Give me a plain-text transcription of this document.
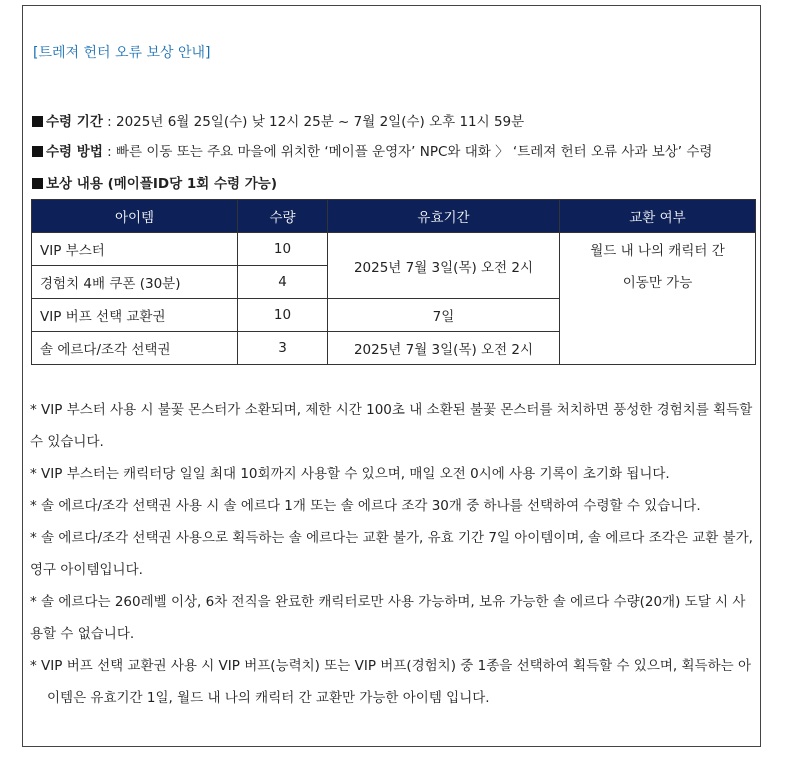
[트레져 헌터 오류 보상 안내]
수령 기간 : 2025년 6월 25일(수) 낮 12시 25분 ~ 7월 2일(수) 오후 11시 59분
수령 방법 : 빠른 이동 또는 주요 마을에 위치한 ‘메이플 운영자’ NPC와 대화 〉 ‘트레져 헌터 오류 사과 보상’ 수령
보상 내용 (메이플ID당 1회 수령 가능)
아이템	수량	유효기간	교환 여부
VIP 부스터	10	2025년 7월 3일(목) 오전 2시	월드 내 나의 캐릭터 간
이동만 가능

경험치 4배 쿠폰 (30분)	4		
VIP 버프 선택 교환권	10	7일	
솔 에르다/조각 선택권	3	2025년 7월 3일(목) 오전 2시	

* VIP 부스터 사용 시 불꽃 몬스터가 소환되며, 제한 시간 100초 내 소환된 불꽃 몬스터를 처치하면 풍성한 경험치를 획득할 수 있습니다.

* VIP 부스터는 캐릭터당 일일 최대 10회까지 사용할 수 있으며, 매일 오전 0시에 사용 기록이 초기화 됩니다.

* 솔 에르다/조각 선택권 사용 시 솔 에르다 1개 또는 솔 에르다 조각 30개 중 하나를 선택하여 수령할 수 있습니다.

* 솔 에르다/조각 선택권 사용으로 획득하는 솔 에르다는 교환 불가, 유효 기간 7일 아이템이며, 솔 에르다 조각은 교환 불가, 영구 아이템입니다.

* 솔 에르다는 260레벨 이상, 6차 전직을 완료한 캐릭터로만 사용 가능하며, 보유 가능한 솔 에르다 수량(20개) 도달 시 사용할 수 없습니다.

* VIP 버프 선택 교환권 사용 시 VIP 버프(능력치) 또는 VIP 버프(경험치) 중 1종을 선택하여 획득할 수 있으며, 획득하는 아이템은 유효기간 1일, 월드 내 나의 캐릭터 간 교환만 가능한 아이템 입니다.
